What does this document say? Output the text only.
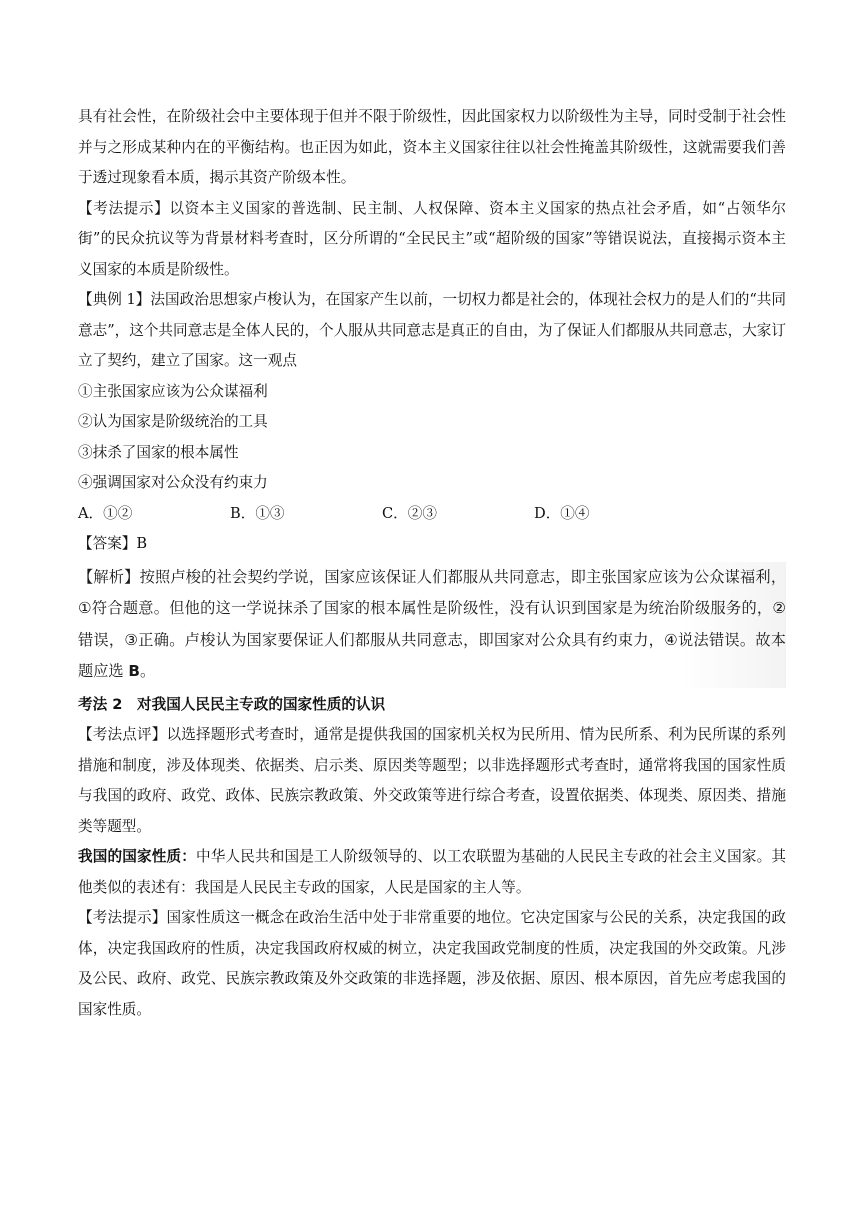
具有社会性，在阶级社会中主要体现于但并不限于阶级性，因此国家权力以阶级性为主导，同时受制于社会性并与之形成某种内在的平衡结构。也正因为如此，资本主义国家往往以社会性掩盖其阶级性，这就需要我们善于透过现象看本质，揭示其资产阶级本性。

【考法提示】以资本主义国家的普选制、民主制、人权保障、资本主义国家的热点社会矛盾，如“占领华尔街”的民众抗议等为背景材料考查时，区分所谓的“全民民主”或“超阶级的国家”等错误说法，直接揭示资本主义国家的本质是阶级性。

【典例 1】法国政治思想家卢梭认为，在国家产生以前，一切权力都是社会的，体现社会权力的是人们的“共同意志”，这个共同意志是全体人民的，个人服从共同意志是真正的自由，为了保证人们都服从共同意志，大家订立了契约，建立了国家。这一观点

①主张国家应该为公众谋福利

②认为国家是阶级统治的工具

③抹杀了国家的根本属性

④强调国家对公众没有约束力

A．①②	B．①③	C．②③	D．①④

【答案】B

【解析】按照卢梭的社会契约学说，国家应该保证人们都服从共同意志，即主张国家应该为公众谋福利，①符合题意。但他的这一学说抹杀了国家的根本属性是阶级性，没有认识到国家是为统治阶级服务的，②错误，③正确。卢梭认为国家要保证人们都服从共同意志，即国家对公众具有约束力，④说法错误。故本题应选 B。

考法 2　对我国人民民主专政的国家性质的认识

【考法点评】以选择题形式考查时，通常是提供我国的国家机关权为民所用、情为民所系、利为民所谋的系列措施和制度，涉及体现类、依据类、启示类、原因类等题型；以非选择题形式考查时，通常将我国的国家性质与我国的政府、政党、政体、民族宗教政策、外交政策等进行综合考查，设置依据类、体现类、原因类、措施类等题型。

我国的国家性质：中华人民共和国是工人阶级领导的、以工农联盟为基础的人民民主专政的社会主义国家。其他类似的表述有：我国是人民民主专政的国家，人民是国家的主人等。

【考法提示】国家性质这一概念在政治生活中处于非常重要的地位。它决定国家与公民的关系，决定我国的政体，决定我国政府的性质，决定我国政府权威的树立，决定我国政党制度的性质，决定我国的外交政策。凡涉及公民、政府、政党、民族宗教政策及外交政策的非选择题，涉及依据、原因、根本原因，首先应考虑我国的国家性质。
